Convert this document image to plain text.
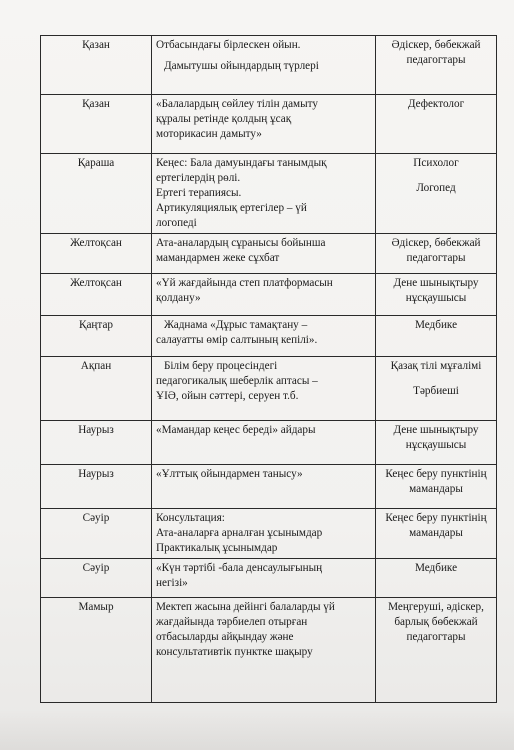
Қазан	Отбасындағы бірлескен ойын.
Дамытушы ойындардың түрлері	Әдіскер, бөбекжай
педагогтары

Қазан	«Балалардың сөйлеу тілін дамыту
құралы ретінде қолдың ұсақ
моторикасин дамыту»	Дефектолог

Қараша	Кеңес: Бала дамуындағы танымдық
ертегілердің рөлі.
Ертегі терапиясы.
Артикуляциялық ертегілер – үй
логопеді	Психолог
Логопед

Желтоқсан	Ата-аналардың сұранысы бойынша
мамандармен жеке сұхбат	Әдіскер, бөбекжай
педагогтары

Желтоқсан	«Үй жағдайында степ платформасын
қолдану»	Дене шынықтыру
нұсқаушысы

Қаңтар	Жаднама «Дұрыс тамақтану –
салауатты өмір салтының кепілі».	Медбике

Ақпан	Білім беру процесіндегі
педагогикалық шеберлік аптасы –
ҰІӘ, ойын сәттері, серуен т.б.	Қазақ тілі мұғалімі
Тәрбиеші

Наурыз	«Мамандар кеңес береді» айдары	Дене шынықтыру
нұсқаушысы

Наурыз	«Ұлттық ойындармен танысу»	Кеңес беру пунктінің
мамандары

Сәуір	Консультация:
Ата-аналарға арналған ұсынымдар
Практикалық ұсынымдар	Кеңес беру пунктінің
мамандары

Сәуір	«Күн тәртібі -бала денсаулығының
негізі»	Медбике

Мамыр	Мектеп жасына дейінгі балаларды үй
жағдайында тәрбиелеп отырған
отбасыларды айқындау және
консультативтік пунктке шақыру	Меңгеруші, әдіскер,
барлық бөбекжай
педагогтары
